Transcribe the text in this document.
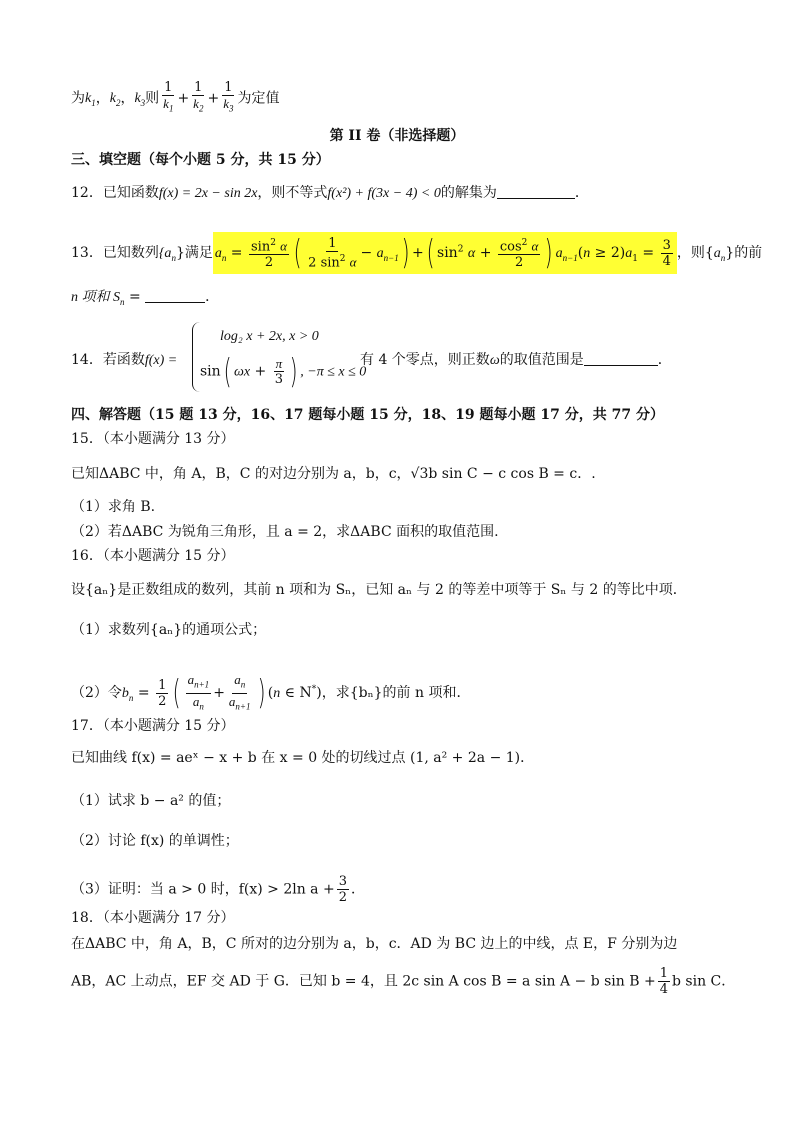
为$k_1$，$k_2$，$k_3$则 $\frac{1}{k_1} + \frac{1}{k_2} + \frac{1}{k_3}$ 为定值
第 II 卷（非选择题）
三、填空题（每个小题 5 分，共 15 分）
12．已知函数f(x) = 2x − sin 2x，则不等式f(x²) + f(3x − 4) < 0的解集为	．
13．已知数列$\{a_n\}$满足 $a_n = \frac{\sin^2 \alpha}{2}$ ( $\frac{1}{2 \sin^2 \alpha} - a_{n-1}$) +( $\sin^2 \alpha + \frac{\cos^2 \alpha}{2}$ ) $a_{n-1}(n \ge 2)a_1 = \frac{3}{4}$ ，则$\{a_n\}$的前
n 项和 $S_n$ =	．
14．若函数f(x) =
log₂ x + 2x, x > 0
sin( $\omega x + \frac{\pi}{3}$ ) , −π ≤ x ≤ 0
有 4 个零点，则正数ω的取值范围是	．
四、解答题（15 题 13 分，16、17 题每小题 15 分，18、19 题每小题 17 分，共 77 分）
15．（本小题满分 13 分）
已知ΔABC 中，角 A，B，C 的对边分别为 a，b，c，√3b sin C − c cos B = c．.
（1）求角 B.
（2）若ΔABC 为锐角三角形，且 a = 2，求ΔABC 面积的取值范围.
16．（本小题满分 15 分）
设{aₙ}是正数组成的数列，其前 n 项和为 Sₙ，已知 aₙ 与 2 的等差中项等于 Sₙ 与 2 的等比中项．
（1）求数列{aₙ}的通项公式；
（2）令$b_n = \frac{1}{2}$ ( $\frac{a_{n+1}}{a_n} + \frac{a_n}{a_{n+1}}$ ) (n ∈ N*)，求{bₙ}的前 n 项和．
17．（本小题满分 15 分）
已知曲线 f(x) = aeˣ − x + b 在 x = 0 处的切线过点 (1, a² + 2a − 1)．
（1）试求 b − a² 的值；
（2）讨论 f(x) 的单调性；
（3）证明：当 a > 0 时，f(x) > 2ln $a + \frac{3}{2}$ ．
18．（本小题满分 17 分）
在ΔABC 中，角 A，B，C 所对的边分别为 a，b，c．AD 为 BC 边上的中线，点 E，F 分别为边
AB，AC 上动点，EF 交 AD 于 G．已知 b = 4，且 2c sin A cos B = a sin A − b $\sin B + \frac{1}{4}$ b sin C．
